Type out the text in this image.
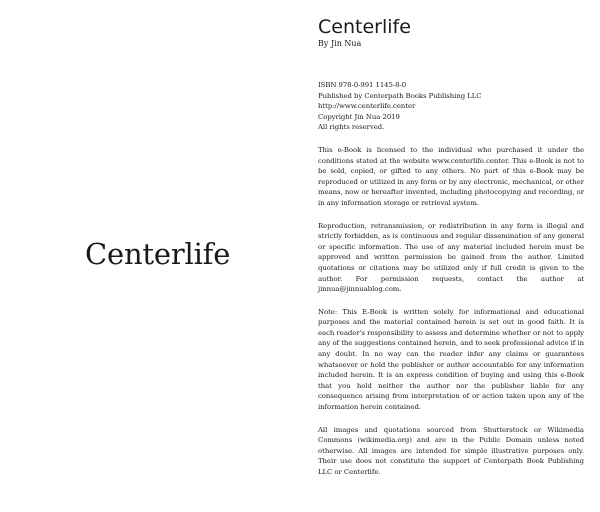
Centerlife
Centerlife

By Jin Nua

ISBN 978-0-991 1145-8-0
Published by Centerpath Books Publishing LLC
http://www.centerlife.center
Copyright Jin Nua 2019
All rights reserved.

This e-Book is licensed to the individual who purchased it under the conditions stated at the website www.centerlife.center. This e-Book is not to be sold, copied, or gifted to any others. No part of this e-Book may be reproduced or utilized in any form or by any electronic, mechanical, or other means, now or hereafter invented, including photocopying and recording, or in any information storage or retrieval system.

Reproduction, retransmission, or redistribution in any form is illegal and strictly forbidden, as is continuous and regular dissemination of any general or specific information. The use of any material included herein must be approved and written permission be gained from the author. Limited quotations or citations may be utilized only if full credit is given to the author. For permission requests, contact the author at jinnua@jinnuablog.com.

Note: This E-Book is written solely for informational and educational purposes and the material contained herein is set out in good faith. It is each reader's responsibility to assess and determine whether or not to apply any of the suggestions contained herein, and to seek professional advice if in any doubt. In no way can the reader infer any claims or guarantees whatsoever or hold the publisher or author accountable for any information included herein. It is an express condition of buying and using this e-Book that you hold neither the author nor the publisher liable for any consequence arising from interpretation of or action taken upon any of the information herein contained.

All images and quotations sourced from Shutterstock or Wikimedia Commons (wikimedia.org) and are in the Public Domain unless noted otherwise. All images are intended for simple illustrative purposes only. Their use does not constitute the support of Centerpath Book Publishing LLC or Centerlife.
